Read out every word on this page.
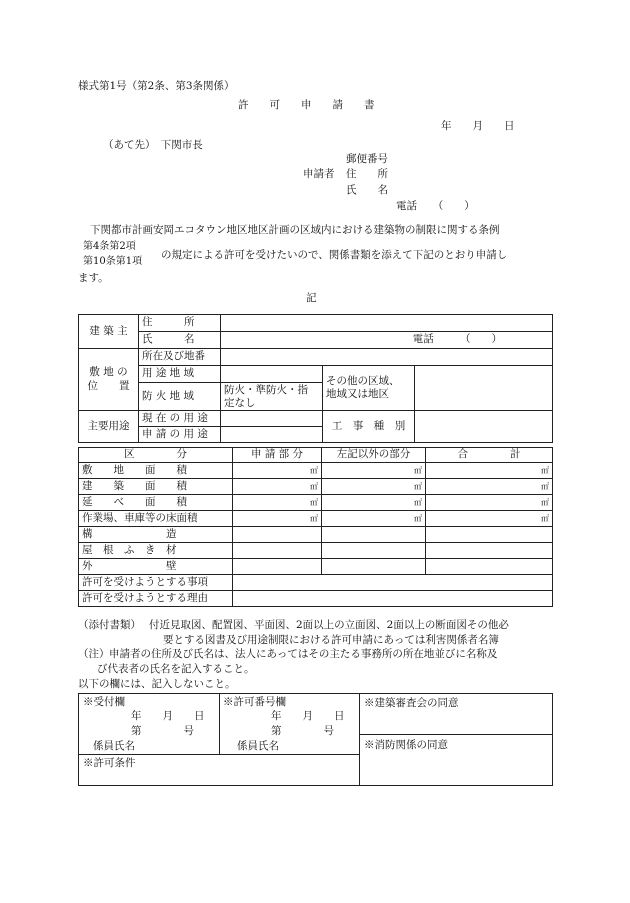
様式第1号（第2条、第3条関係）
許　　可　　申　　請　　書
年　　月　　日
（あて先）　下関市長
郵便番号
申請者 住　　所
氏　　名
電話　　（　　）
下関都市計画安岡エコタウン地区地区計画の区域内における建築物の制限に関する条例
第4条第2項
第10条第1項
の規定による許可を受けたいので、関係書類を添えて下記のとおり申請し
ます。
記
建 築 主	住　　　所			
	氏　　　名	電話　　　（　　）		
敷 地 の
位　　置	所在及び地番			
	用 途 地 域		その他の区域、
地域又は地区	
	防 火 地 域	防火・準防火・指
定なし		
主要用途	現 在 の 用 途		工　事　種　別	
	申 請 の 用 途			
区　　　　分	申 請 部 分	左記以外の部分	合　　　　計
敷　　地　　面　　積	㎡	㎡	㎡
建　　築　　面　　積	㎡	㎡	㎡
延　　べ　　面　　積	㎡	㎡	㎡
作業場、車庫等の床面積	㎡	㎡	㎡
構　　　　　　　造			
屋　根　ふ　き　材			
外　　　　　　　壁			
許可を受けようとする事項			
許可を受けようとする理由			
（添付書類） 付近見取図、配置図、平面図、2面以上の立面図、2面以上の断面図その他必
要とする図書及び用途制限における許可申請にあっては利害関係者名簿
（注） 申請者の住所及び氏名は、法人にあってはその主たる事務所の所在地並びに名称及
び代表者の氏名を記入すること。
以下の欄には、記入しないこと。
※受付欄
年　　月　　日
第　　　　号
係員氏名
※許可番号欄
年　　月　　日
第　　　　号
係員氏名
※建築審査会の同意
※消防関係の同意
※許可条件
